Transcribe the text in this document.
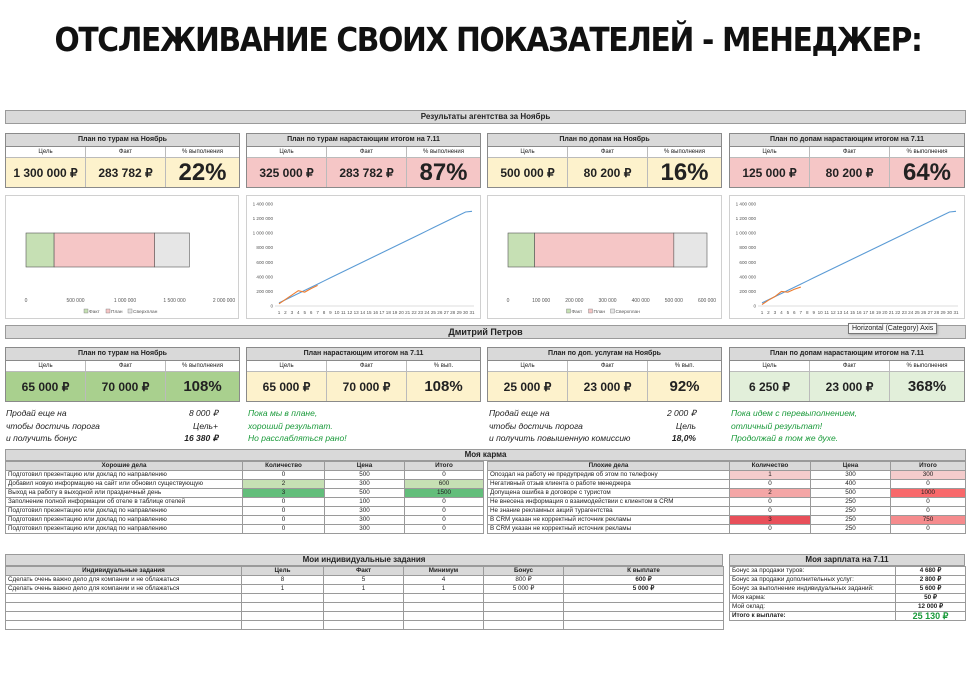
ОТСЛЕЖИВАНИЕ СВОИХ ПОКАЗАТЕЛЕЙ - МЕНЕДЖЕР:
Результаты агентства за Ноябрь
План по турам на Ноябрь
Цель	Факт	% выполнения
1 300 000 ₽	283 782 ₽	22%
План по турам нарастающим итогом на 7.11
Цель	Факт	% выполнения
325 000 ₽	283 782 ₽	87%
План по допам на Ноябрь
Цель	Факт	% выполнения
500 000 ₽	80 200 ₽	16%
План по допам нарастающим итогом на 7.11
Цель	Факт	% выполнения
125 000 ₽	80 200 ₽	64%
0	500 000	1 000 000	1 500 000	2 000 000
Факт План Сверхплан
0
200 000
400 000
600 000
800 000
1 000 000
1 200 000
1 400 000
1 2 3 4 5 6 7 8 9 10 11 12 13 14 15 16 17 18 19 20 21 22 23 24 25 26 27 28 29 30 31
0	100 000	200 000	300 000	400 000	500 000	600 000
Факт План Сверхплан
0
200 000
400 000
600 000
800 000
1 000 000
1 200 000
1 400 000
1 2 3 4 5 6 7 8 9 10 11 12 13 14 15 16 17 18 19 20 21 22 23 24 25 26 27 28 29 30 31
Дмитрий Петров	Horizontal (Category) Axis
План по турам на Ноябрь
Цель	Факт	% выполнения
65 000 ₽	70 000 ₽	108%
План нарастающим итогом на 7.11
Цель	Факт	% вып.
65 000 ₽	70 000 ₽	108%
План по доп. услугам на Ноябрь
Цель	Факт	% вып.
25 000 ₽	23 000 ₽	92%
План по допам нарастающим итогом на 7.11
Цель	Факт	% выполнения
6 250 ₽	23 000 ₽	368%
Продай еще на	8 000 ₽
чтобы достичь порога	Цель+
и получить бонус	16 380 ₽
Пока мы в плане,
хороший результат.
Но расслабляться рано!
Продай еще на	2 000 ₽
чтобы достичь порога	Цель
и получить повышенную комиссию	18,0%
Пока идем с перевыполнением,
отличный результат!
Продолжай в том же духе.
Моя карма
Хорошие дела	Количество	Цена	Итого
Подготовил презентацию или доклад по направлению	0	500	0
Добавил новую информацию на сайт или обновил существующую	2	300	600
Выход на работу в выходной или праздничный день	3	500	1500
Заполнение полной информации об отеле в таблице отелей	0	100	0
Подготовил презентацию или доклад по направлению	0	300	0
Подготовил презентацию или доклад по направлению	0	300	0
Подготовил презентацию или доклад по направлению	0	300	0
Плохие дела	Количество	Цена	Итого
Опоздал на работу не предупредив об этом по телефону	1	300	300
Негативный отзыв клиента о работе менеджера	0	400	0
Допущена ошибка в договоре с туристом	2	500	1000
Не внесена информация о взаимодействии с клиентом в CRM	0	250	0
Не знание рекламных акций турагентства	0	250	0
В CRM указан не корректный источник рекламы	3	250	750
В CRM указан не корректный источник рекламы	0	250	0
Мои индивидуальные задания
Индивидуальные задания	Цель	Факт	Минимум	Бонус	К выплате
Сделать очень важно дело для компании и не облажаться	8	5	4	800 ₽	600 ₽
Сделать очень важно дело для компании и не облажаться	1	1	1	5 000 ₽	5 000 ₽

Моя зарплата на 7.11
Бонус за продажи туров:	4 680 ₽
Бонус за продажи дополнительных услуг:	2 800 ₽
Бонус за выполнение индивидуальных заданий:	5 600 ₽
Моя карма:	50 ₽
Мой оклад:	12 000 ₽
Итого к выплате:	25 130 ₽
